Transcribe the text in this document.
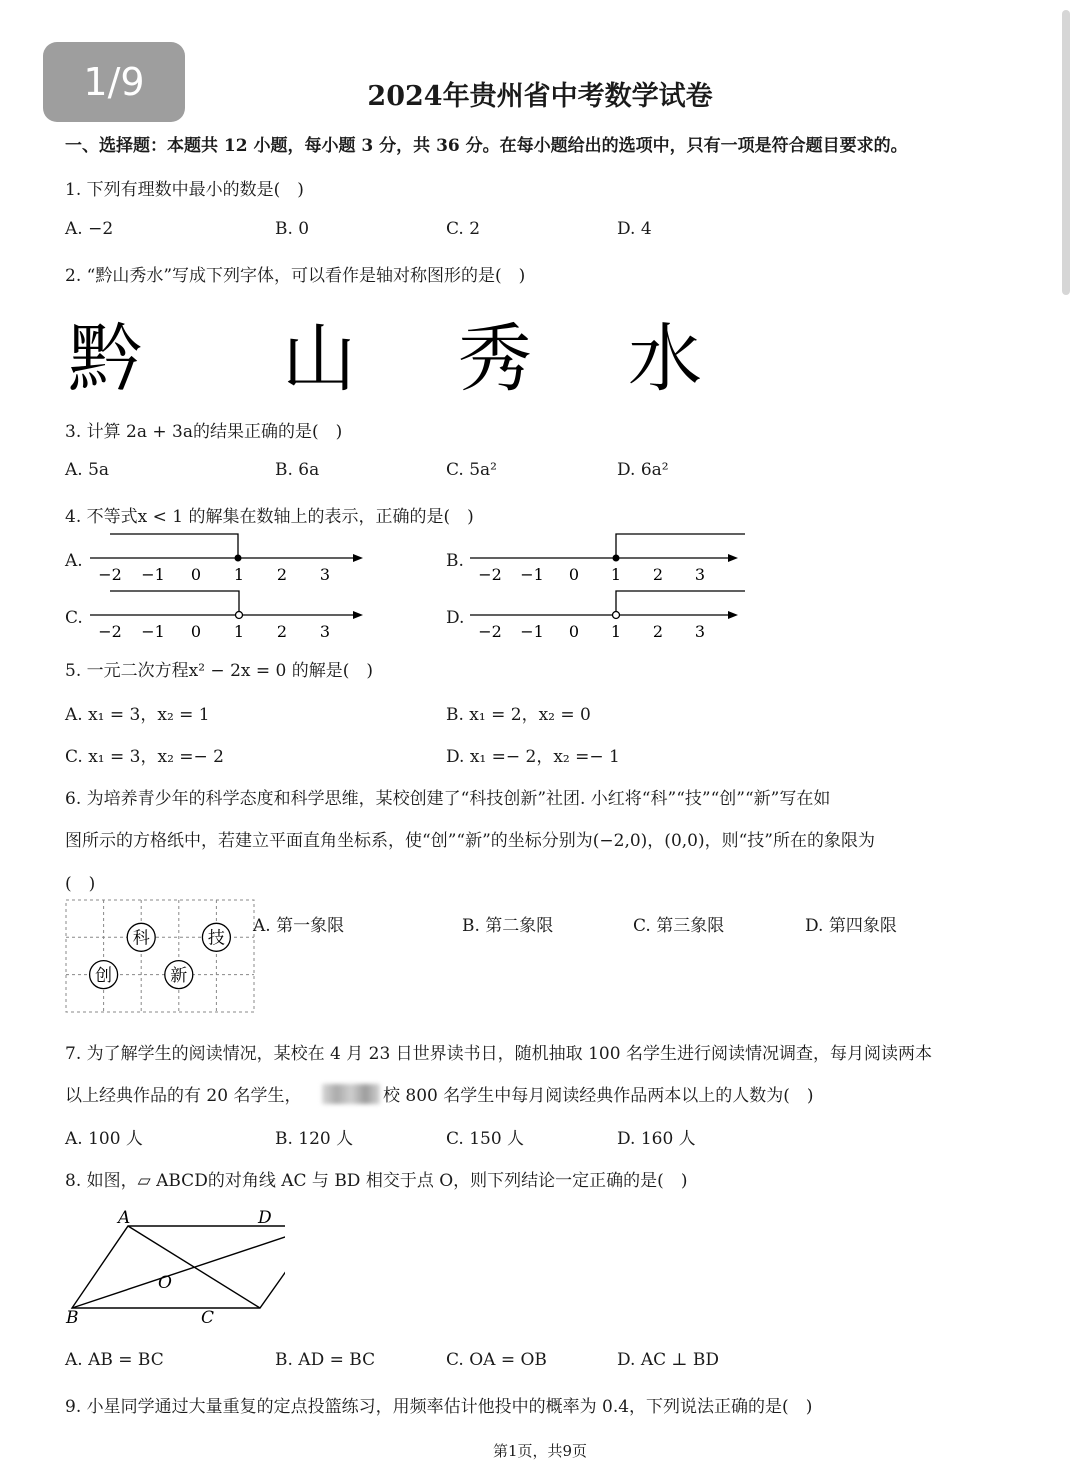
1/9	2024年贵州省中考数学试卷
一、选择题：本题共 12 小题，每小题 3 分，共 36 分。在每小题给出的选项中，只有一项是符合题目要求的。
1. 下列有理数中最小的数是(　)
A. −2	B. 0	C. 2	D. 4
2. “黔山秀水”写成下列字体，可以看作是轴对称图形的是(　)
黔 山 秀 水
3. 计算 2a + 3a的结果正确的是(　)
A. 5a	B. 6a	C. 5a²	D. 6a²
4. 不等式x < 1 的解集在数轴上的表示，正确的是(　)
A.	B.
C.	D.
−2 −1 0 1 2 3	−2 −1 0 1 2 3
−2 −1 0 1 2 3	−2 −1 0 1 2 3
5. 一元二次方程x² − 2x = 0 的解是(　)
A. x₁ = 3，x₂ = 1	B. x₁ = 2，x₂ = 0
C. x₁ = 3，x₂ =− 2	D. x₁ =− 2，x₂ =− 1
6. 为培养青少年的科学态度和科学思维，某校创建了“科技创新”社团. 小红将“科”“技”“创”“新”写在如
图所示的方格纸中，若建立平面直角坐标系，使“创”“新”的坐标分别为(−2,0)，(0,0)，则“技”所在的象限为
(　)
科	技
创	新
A. 第一象限	B. 第二象限	C. 第三象限	D. 第四象限
7. 为了解学生的阅读情况，某校在 4 月 23 日世界读书日，随机抽取 100 名学生进行阅读情况调查，每月阅读两本
以上经典作品的有 20 名学生，	校 800 名学生中每月阅读经典作品两本以上的人数为(　)
A. 100 人	B. 120 人	C. 150 人	D. 160 人
8. 如图，▱ ABCD的对角线 AC 与 BD 相交于点 O，则下列结论一定正确的是(　)
A	D
O
B	C
A. AB = BC	B. AD = BC	C. OA = OB	D. AC ⊥ BD
9. 小星同学通过大量重复的定点投篮练习，用频率估计他投中的概率为 0.4，下列说法正确的是(　)
第1页，共9页
